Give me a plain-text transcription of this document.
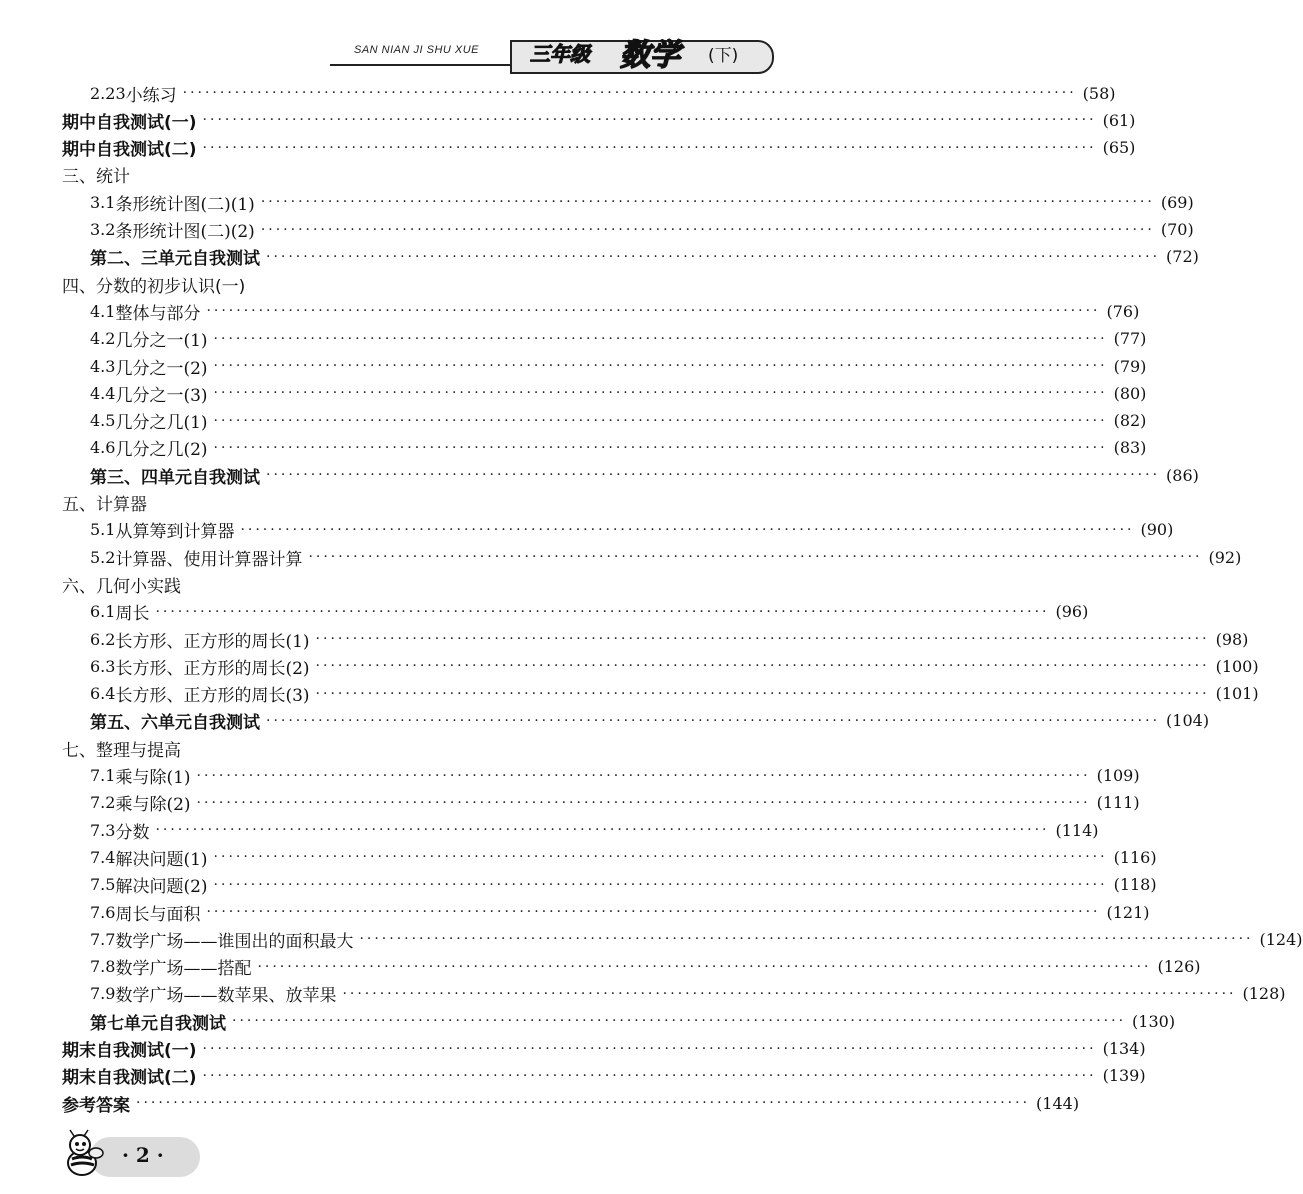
SAN NIAN JI SHU XUE	三年级 数学 (下)
2.23 小练习 ························································································································ (58)
期中自我测试(一) ························································································································ (61)
期中自我测试(二) ························································································································ (65)
三、统计
3.1 条形统计图(二)(1) ························································································································ (69)
3.2 条形统计图(二)(2) ························································································································ (70)
第二、三单元自我测试 ························································································································ (72)
四、分数的初步认识(一)
4.1 整体与部分 ························································································································ (76)
4.2 几分之一(1) ························································································································ (77)
4.3 几分之一(2) ························································································································ (79)
4.4 几分之一(3) ························································································································ (80)
4.5 几分之几(1) ························································································································ (82)
4.6 几分之几(2) ························································································································ (83)
第三、四单元自我测试 ························································································································ (86)
五、计算器
5.1 从算筹到计算器 ························································································································ (90)
5.2 计算器、使用计算器计算 ························································································································ (92)
六、几何小实践
6.1 周长 ························································································································ (96)
6.2 长方形、正方形的周长(1) ························································································································ (98)
6.3 长方形、正方形的周长(2) ························································································································ (100)
6.4 长方形、正方形的周长(3) ························································································································ (101)
第五、六单元自我测试 ························································································································ (104)
七、整理与提高
7.1 乘与除(1) ························································································································ (109)
7.2 乘与除(2) ························································································································ (111)
7.3 分数 ························································································································ (114)
7.4 解决问题(1) ························································································································ (116)
7.5 解决问题(2) ························································································································ (118)
7.6 周长与面积 ························································································································ (121)
7.7 数学广场——谁围出的面积最大 ························································································································ (124)
7.8 数学广场——搭配 ························································································································ (126)
7.9 数学广场——数苹果、放苹果 ························································································································ (128)
第七单元自我测试 ························································································································ (130)
期末自我测试(一) ························································································································ (134)
期末自我测试(二) ························································································································ (139)
参考答案 ························································································································ (144)
· 2 ·
